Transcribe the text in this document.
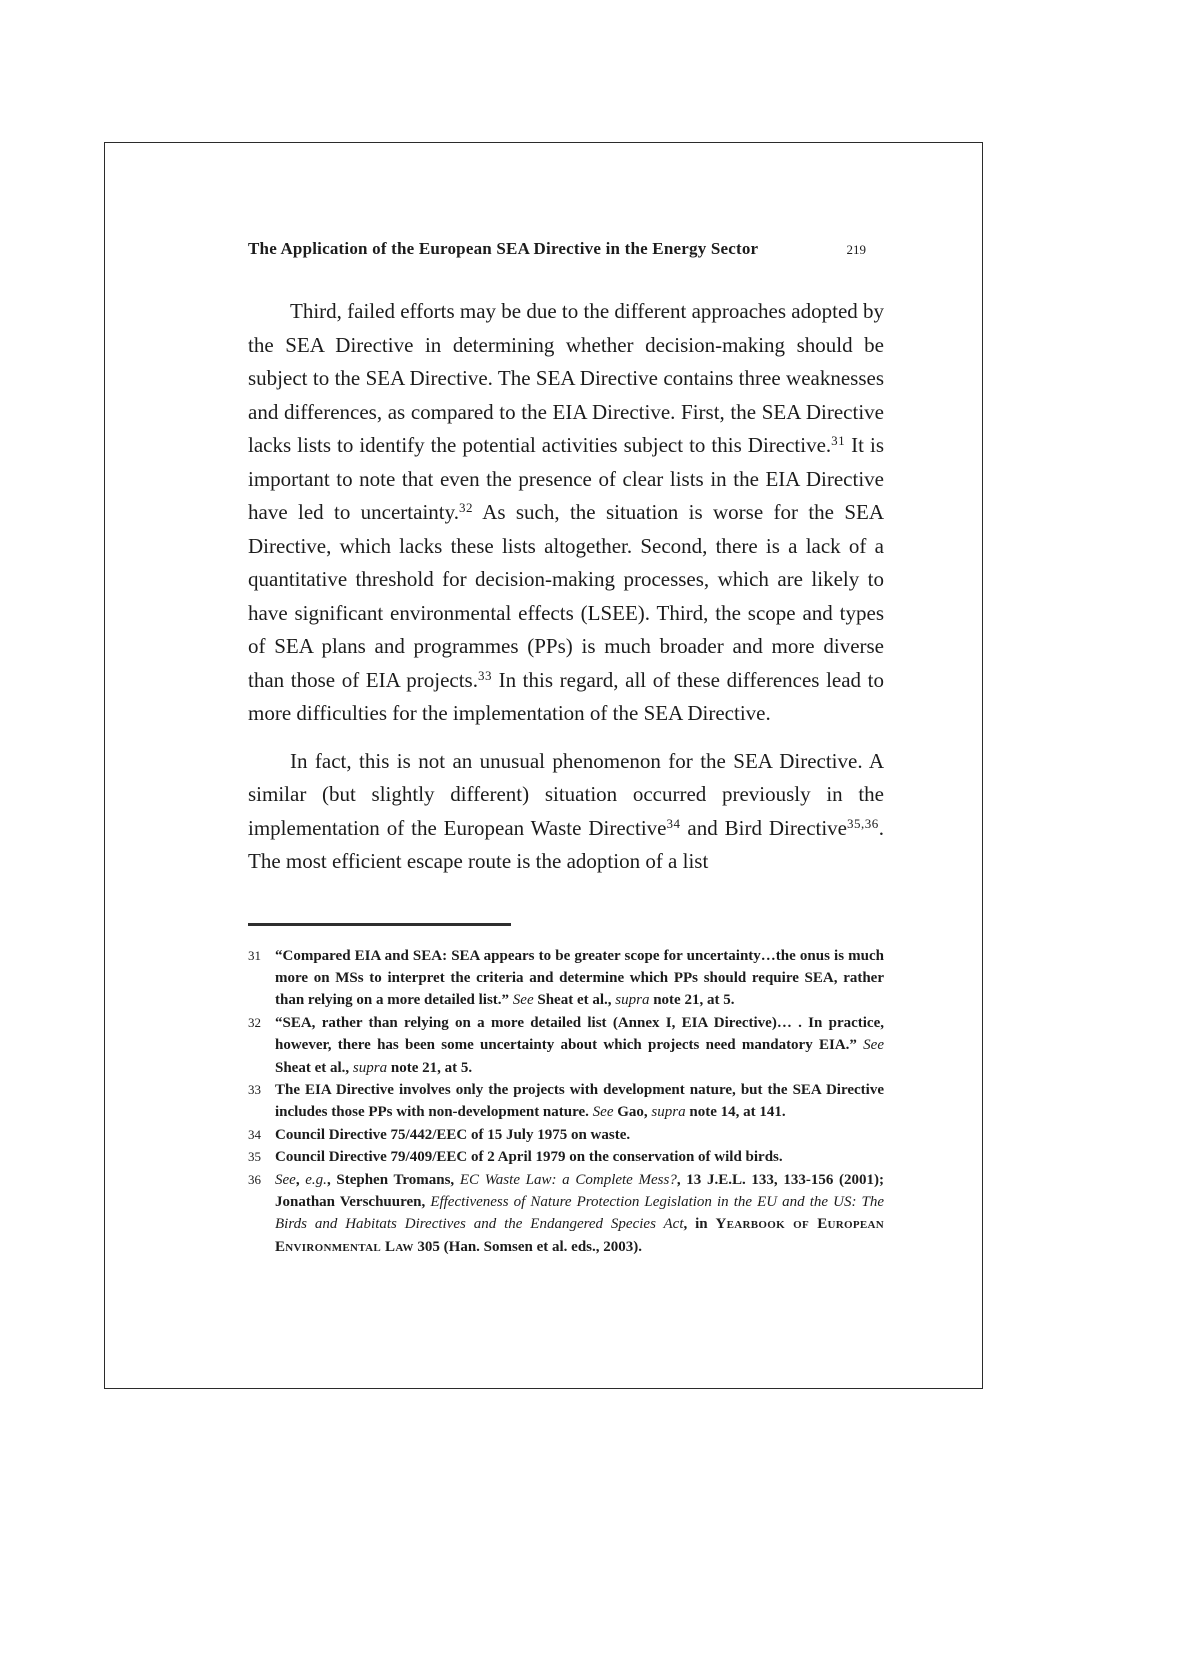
The Application of the European SEA Directive in the Energy Sector	219

Third, failed efforts may be due to the different approaches adopted by the SEA Directive in determining whether decision-making should be subject to the SEA Directive. The SEA Directive contains three weaknesses and differences, as compared to the EIA Directive. First, the SEA Directive lacks lists to identify the potential activities subject to this Directive.$^{31}$ It is important to note that even the presence of clear lists in the EIA Directive have led to uncertainty.$^{32}$ As such, the situation is worse for the SEA Directive, which lacks these lists altogether. Second, there is a lack of a quantitative threshold for decision-making processes, which are likely to have significant environmental effects (LSEE). Third, the scope and types of SEA plans and programmes (PPs) is much broader and more diverse than those of EIA projects.$^{33}$ In this regard, all of these differences lead to more difficulties for the implementation of the SEA Directive.

In fact, this is not an unusual phenomenon for the SEA Directive. A similar (but slightly different) situation occurred previously in the implementation of the European Waste Directive$^{34}$ and Bird Directive$^{35,36}$. The most efficient escape route is the adoption of a list

31 “Compared EIA and SEA: SEA appears to be greater scope for uncertainty…the onus is much more on MSs to interpret the criteria and determine which PPs should require SEA, rather than relying on a more detailed list.” See Sheat et al., supra note 21, at 5.
32 “SEA, rather than relying on a more detailed list (Annex I, EIA Directive)… . In practice, however, there has been some uncertainty about which projects need mandatory EIA.” See Sheat et al., supra note 21, at 5.
33 The EIA Directive involves only the projects with development nature, but the SEA Directive includes those PPs with non-development nature. See Gao, supra note 14, at 141.
34 Council Directive 75/442/EEC of 15 July 1975 on waste.
35 Council Directive 79/409/EEC of 2 April 1979 on the conservation of wild birds.
36 See, e.g., Stephen Tromans, EC Waste Law: a Complete Mess?, 13 J.E.L. 133, 133-156 (2001); Jonathan Verschuuren, Effectiveness of Nature Protection Legislation in the EU and the US: The Birds and Habitats Directives and the Endangered Species Act, in Yearbook of European Environmental Law 305 (Han. Somsen et al. eds., 2003).
